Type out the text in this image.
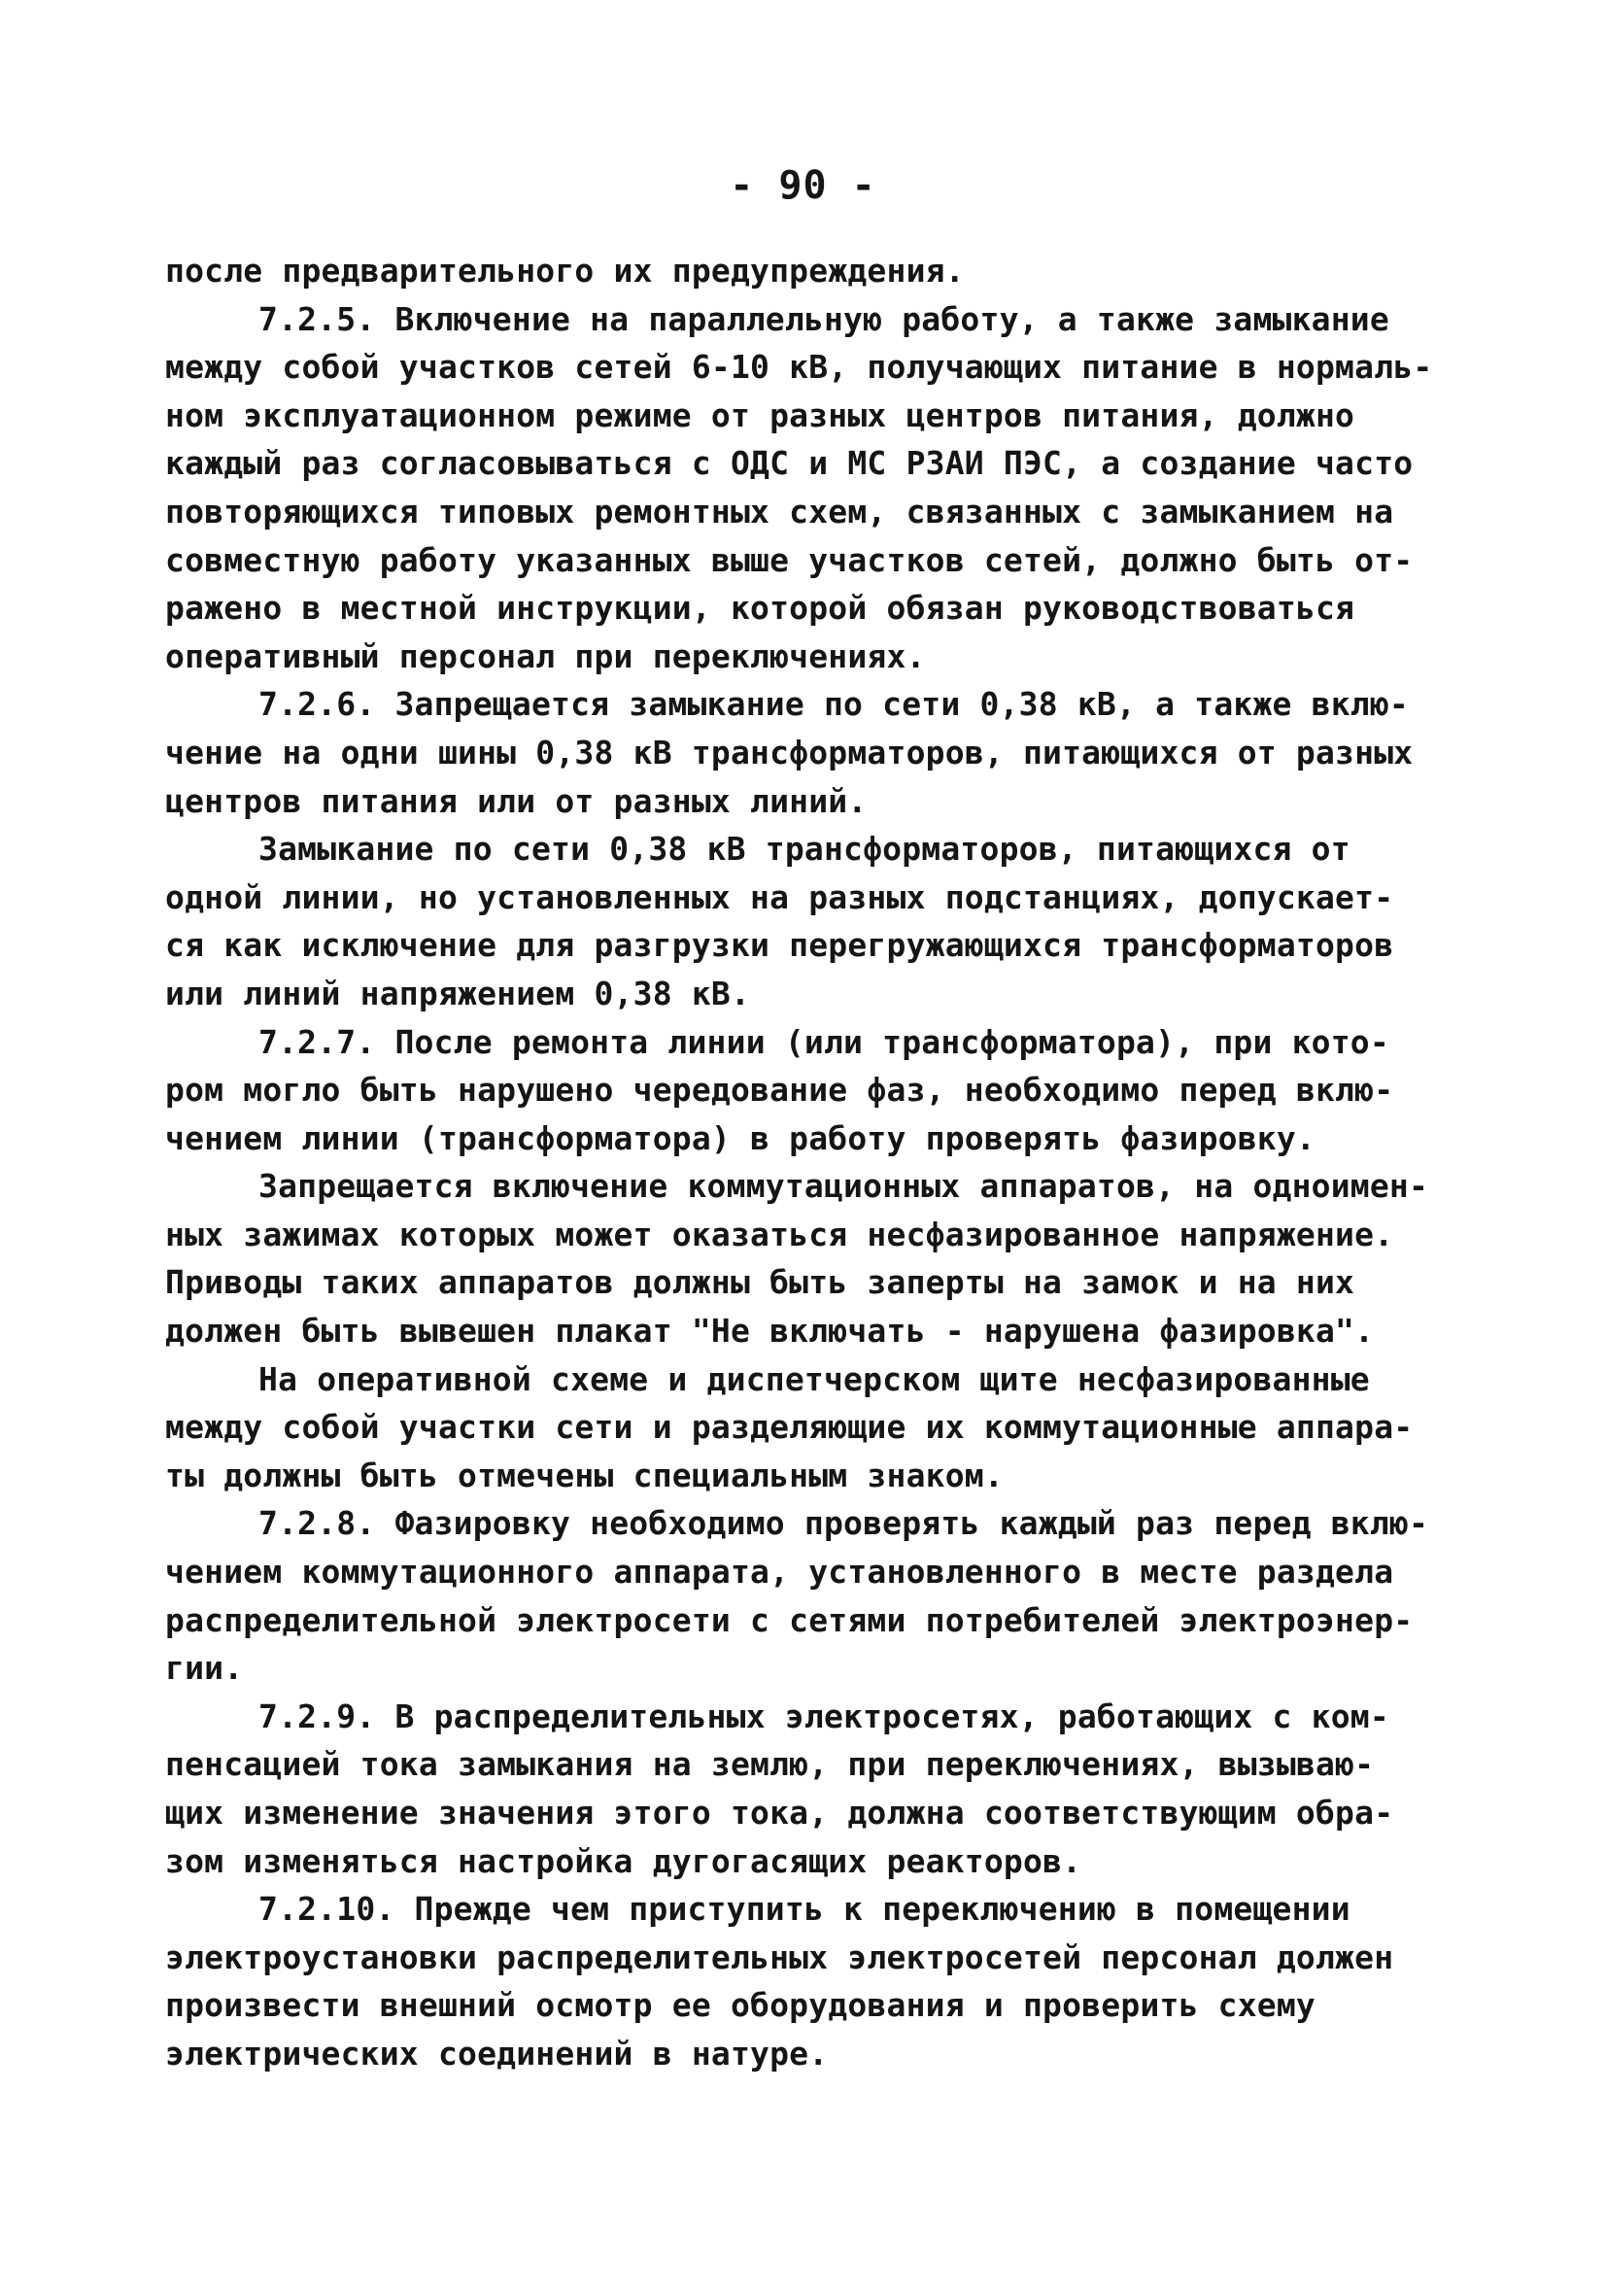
- 90 -
после предварительного их предупреждения.
7.2.5. Включение на параллельную работу, а также замыкание
между собой участков сетей 6-10 кВ, получающих питание в нормаль-
ном эксплуатационном режиме от разных центров питания, должно
каждый раз согласовываться с ОДС и МС РЗАИ ПЭС, а создание часто
повторяющихся типовых ремонтных схем, связанных с замыканием на
совместную работу указанных выше участков сетей, должно быть от-
ражено в местной инструкции, которой обязан руководствоваться
оперативный персонал при переключениях.
7.2.6. Запрещается замыкание по сети 0,38 кВ, а также вклю-
чение на одни шины 0,38 кВ трансформаторов, питающихся от разных
центров питания или от разных линий.
Замыкание по сети 0,38 кВ трансформаторов, питающихся от
одной линии, но установленных на разных подстанциях, допускает-
ся как исключение для разгрузки перегружающихся трансформаторов
или линий напряжением 0,38 кВ.
7.2.7. После ремонта линии (или трансформатора), при кото-
ром могло быть нарушено чередование фаз, необходимо перед вклю-
чением линии (трансформатора) в работу проверять фазировку.
Запрещается включение коммутационных аппаратов, на одноимен-
ных зажимах которых может оказаться несфазированное напряжение.
Приводы таких аппаратов должны быть заперты на замок и на них
должен быть вывешен плакат "Не включать - нарушена фазировка".
На оперативной схеме и диспетчерском щите несфазированные
между собой участки сети и разделяющие их коммутационные аппара-
ты должны быть отмечены специальным знаком.
7.2.8. Фазировку необходимо проверять каждый раз перед вклю-
чением коммутационного аппарата, установленного в месте раздела
распределительной электросети с сетями потребителей электроэнер-
гии.
7.2.9. В распределительных электросетях, работающих с ком-
пенсацией тока замыкания на землю, при переключениях, вызываю-
щих изменение значения этого тока, должна соответствующим обра-
зом изменяться настройка дугогасящих реакторов.
7.2.10. Прежде чем приступить к переключению в помещении
электроустановки распределительных электросетей персонал должен
произвести внешний осмотр ее оборудования и проверить схему
электрических соединений в натуре.
